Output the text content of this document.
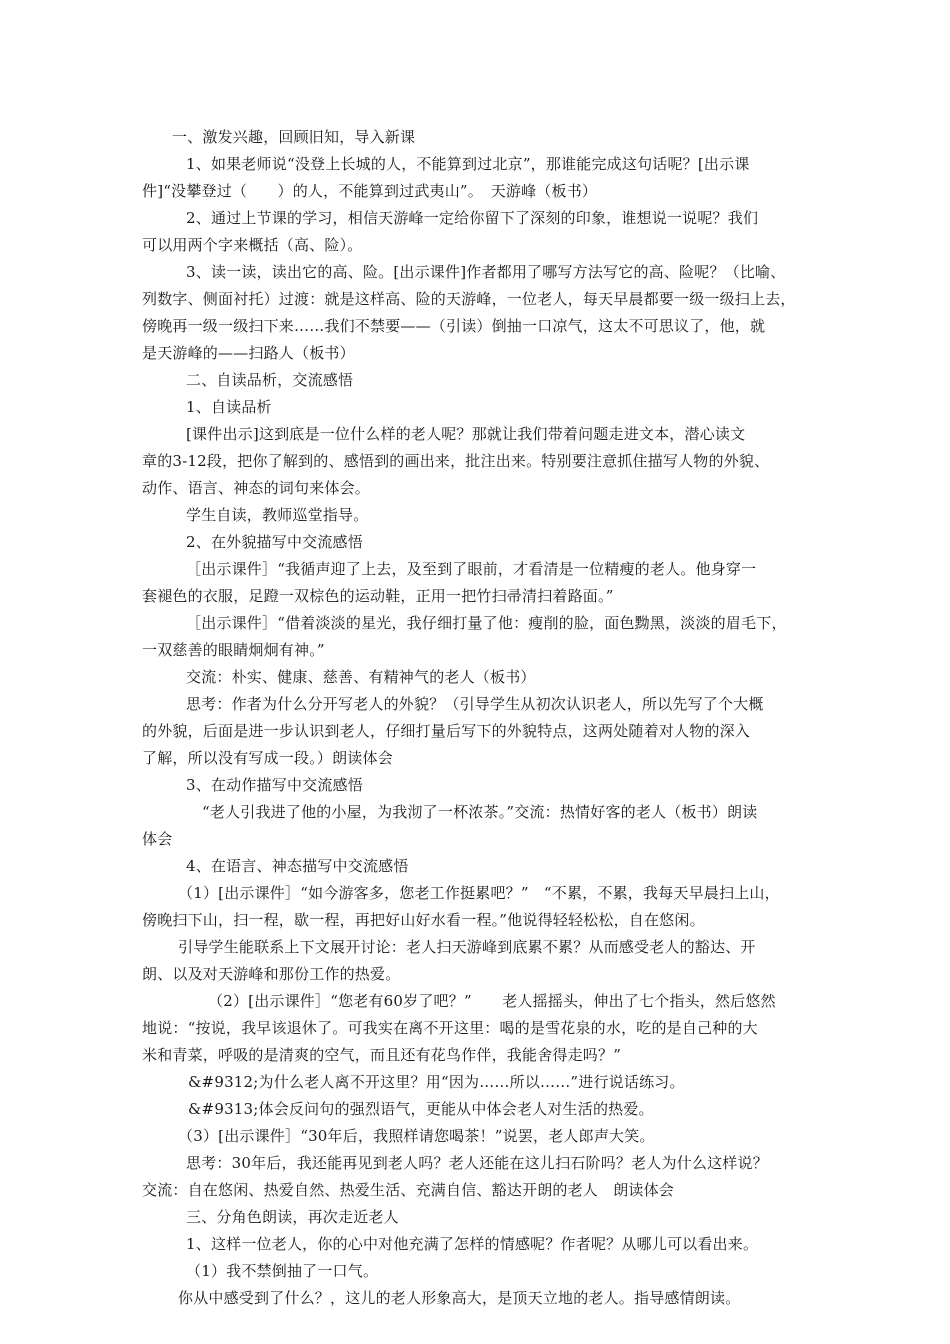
一、激发兴趣，回顾旧知，导入新课
1、如果老师说“没登上长城的人，不能算到过北京”，那谁能完成这句话呢？[出示课
件]“没攀登过（　　）的人，不能算到过武夷山”。　天游峰（板书）
2、通过上节课的学习，相信天游峰一定给你留下了深刻的印象，谁想说一说呢？我们
可以用两个字来概括（高、险）。
3、读一读，读出它的高、险。[出示课件]作者都用了哪写方法写它的高、险呢？（比喻、
列数字、侧面衬托）过渡：就是这样高、险的天游峰，一位老人，每天早晨都要一级一级扫上去，
傍晚再一级一级扫下来……我们不禁要——（引读）倒抽一口凉气，这太不可思议了，他，就
是天游峰的——扫路人（板书）
二、自读品析，交流感悟
1、自读品析
[课件出示]这到底是一位什么样的老人呢？那就让我们带着问题走进文本，潜心读文
章的3-12段，把你了解到的、感悟到的画出来，批注出来。特别要注意抓住描写人物的外貌、
动作、语言、神态的词句来体会。
学生自读，教师巡堂指导。
2、在外貌描写中交流感悟
［出示课件］“我循声迎了上去，及至到了眼前，才看清是一位精瘦的老人。他身穿一
套褪色的衣服，足蹬一双棕色的运动鞋，正用一把竹扫帚清扫着路面。”
［出示课件］“借着淡淡的星光，我仔细打量了他：瘦削的脸，面色黝黑，淡淡的眉毛下，
一双慈善的眼睛炯炯有神。”
交流：朴实、健康、慈善、有精神气的老人（板书）
思考：作者为什么分开写老人的外貌？（引导学生从初次认识老人，所以先写了个大概
的外貌，后面是进一步认识到老人，仔细打量后写下的外貌特点，这两处随着对人物的深入
了解，所以没有写成一段。）朗读体会
3、在动作描写中交流感悟
“老人引我进了他的小屋，为我沏了一杯浓茶。”交流：热情好客的老人（板书）朗读
体会
4、在语言、神态描写中交流感悟
（1）[出示课件］“如今游客多，您老工作挺累吧？”　“不累，不累，我每天早晨扫上山，
傍晚扫下山，扫一程，歇一程，再把好山好水看一程。”他说得轻轻松松，自在悠闲。
引导学生能联系上下文展开讨论：老人扫天游峰到底累不累？从而感受老人的豁达、开
朗、以及对天游峰和那份工作的热爱。
（2）[出示课件］“您老有60岁了吧？”　　老人摇摇头，伸出了七个指头，然后悠然
地说：“按说，我早该退休了。可我实在离不开这里：喝的是雪花泉的水，吃的是自己种的大
米和青菜，呼吸的是清爽的空气，而且还有花鸟作伴，我能舍得走吗？”
&#9312;为什么老人离不开这里？用“因为……所以……”进行说话练习。
&#9313;体会反问句的强烈语气，更能从中体会老人对生活的热爱。
（3）[出示课件］“30年后，我照样请您喝茶！”说罢，老人郎声大笑。
思考：30年后，我还能再见到老人吗？老人还能在这儿扫石阶吗？老人为什么这样说？
交流：自在悠闲、热爱自然、热爱生活、充满自信、豁达开朗的老人　朗读体会
三、分角色朗读，再次走近老人
1、这样一位老人，你的心中对他充满了怎样的情感呢？作者呢？从哪儿可以看出来。
（1）我不禁倒抽了一口气。
你从中感受到了什么？，这儿的老人形象高大，是顶天立地的老人。指导感情朗读。
